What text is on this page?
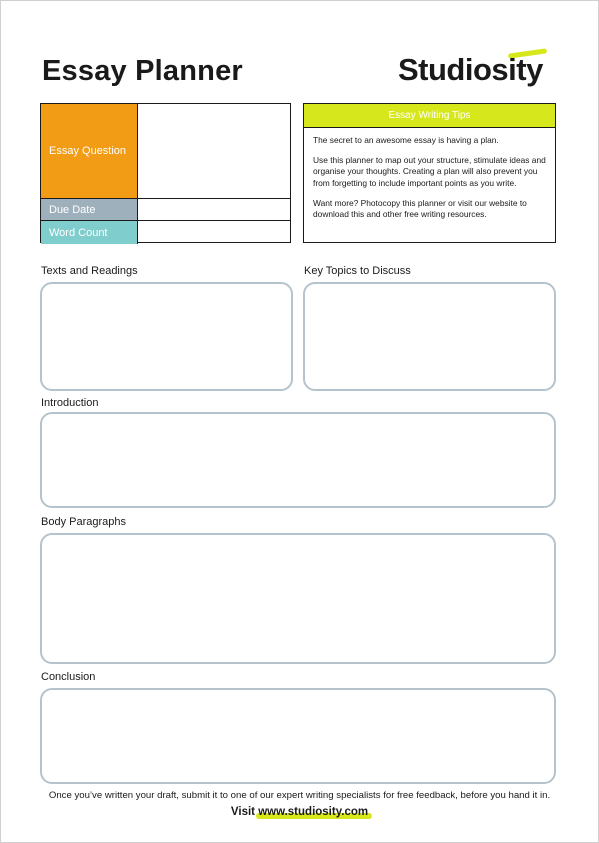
Essay Planner	Studiosity
Essay Question
Due Date
Word Count
Essay Writing Tips

The secret to an awesome essay is having a plan.

Use this planner to map out your structure, stimulate ideas and organise your thoughts. Creating a plan will also prevent you from forgetting to include important points as you write.

Want more? Photocopy this planner or visit our website to download this and other free writing resources.

Texts and Readings	Key Topics to Discuss
Introduction
Body Paragraphs
Conclusion
Once you’ve written your draft, submit it to one of our expert writing specialists for free feedback, before you hand it in.
Visit www.studiosity.com
